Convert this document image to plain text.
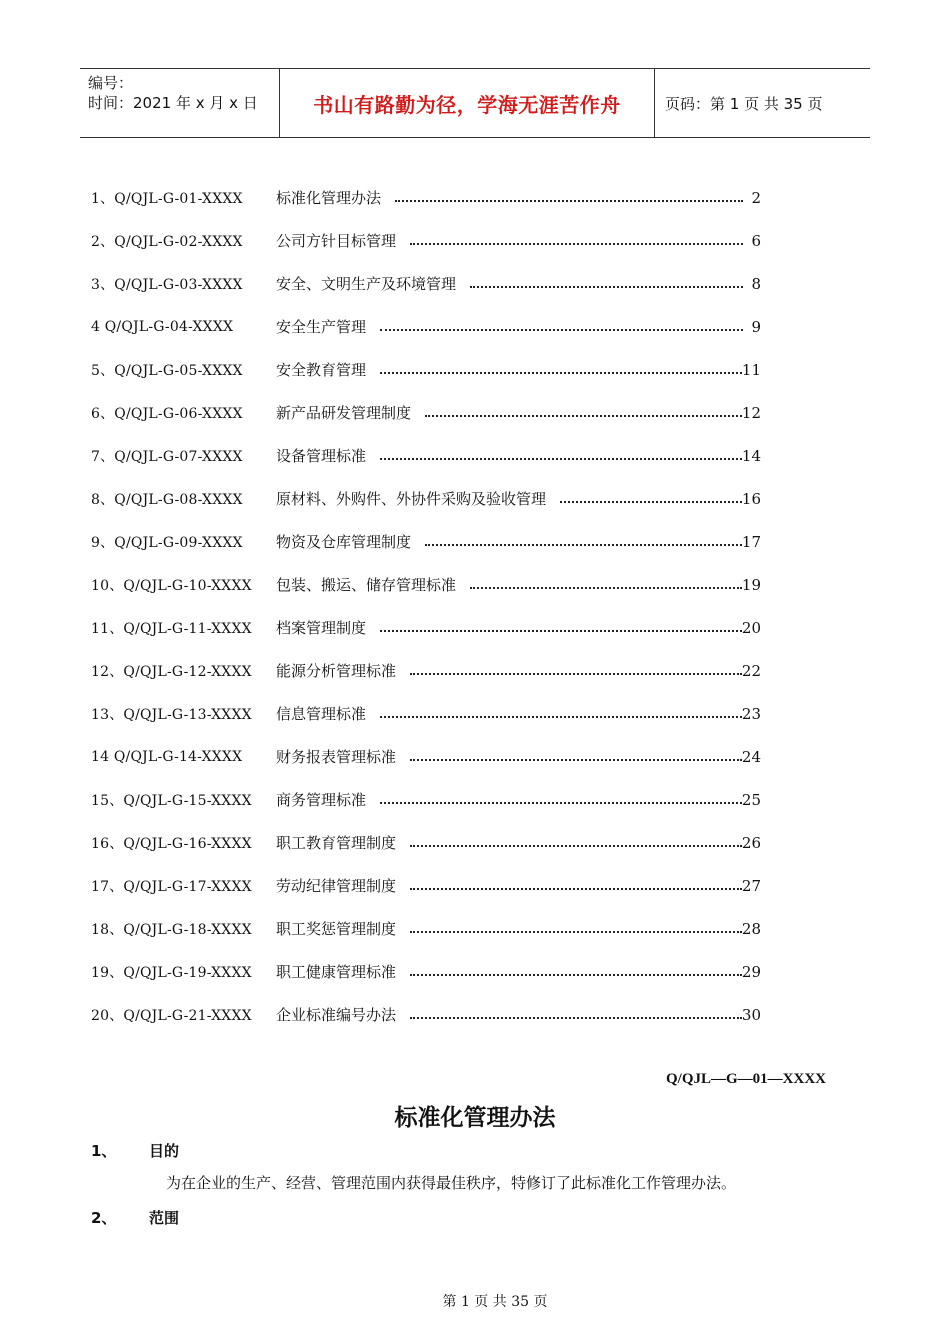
编号：
时间：2021 年 x 月 x 日	书山有路勤为径，学海无涯苦作舟	页码：第 1 页 共 35 页
1、Q/QJL-G-01-XXXX	标准化管理办法	2
2、Q/QJL-G-02-XXXX	公司方针目标管理	6
3、Q/QJL-G-03-XXXX	安全、文明生产及环境管理	8
4 Q/QJL-G-04-XXXX	安全生产管理	9
5、Q/QJL-G-05-XXXX	安全教育管理	11
6、Q/QJL-G-06-XXXX	新产品研发管理制度	12
7、Q/QJL-G-07-XXXX	设备管理标准	14
8、Q/QJL-G-08-XXXX	原材料、外购件、外协件采购及验收管理	16
9、Q/QJL-G-09-XXXX	物资及仓库管理制度	17
10、Q/QJL-G-10-XXXX	包装、搬运、储存管理标准	19
11、Q/QJL-G-11-XXXX	档案管理制度	20
12、Q/QJL-G-12-XXXX	能源分析管理标准	22
13、Q/QJL-G-13-XXXX	信息管理标准	23
14 Q/QJL-G-14-XXXX	财务报表管理标准	24
15、Q/QJL-G-15-XXXX	商务管理标准	25
16、Q/QJL-G-16-XXXX	职工教育管理制度	26
17、Q/QJL-G-17-XXXX	劳动纪律管理制度	27
18、Q/QJL-G-18-XXXX	职工奖惩管理制度	28
19、Q/QJL-G-19-XXXX	职工健康管理标准	29
20、Q/QJL-G-21-XXXX	企业标准编号办法	30
Q/QJL—G—01—XXXX
标准化管理办法
1、 目的
为在企业的生产、经营、管理范围内获得最佳秩序，特修订了此标准化工作管理办法。
2、 范围
第 1 页 共 35 页
